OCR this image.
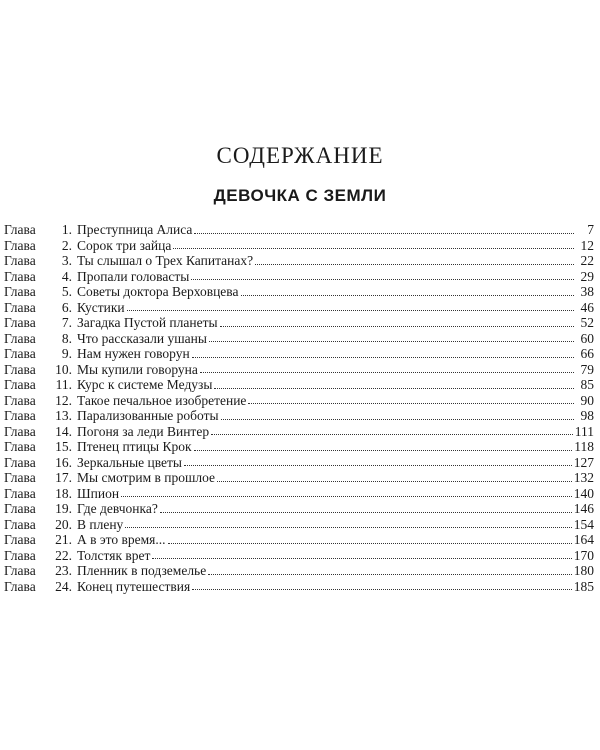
СОДЕРЖАНИЕ
ДЕВОЧКА С ЗЕМЛИ
Глава	1. Преступница Алиса	7
Глава	2. Сорок три зайца	12
Глава	3. Ты слышал о Трех Капитанах?	22
Глава	4. Пропали головасты	29
Глава	5. Советы доктора Верховцева	38
Глава	6. Кустики	46
Глава	7. Загадка Пустой планеты	52
Глава	8. Что рассказали ушаны	60
Глава	9. Нам нужен говорун	66
Глава	10. Мы купили говоруна	79
Глава	11. Курс к системе Медузы	85
Глава	12. Такое печальное изобретение	90
Глава	13. Парализованные роботы	98
Глава	14. Погоня за леди Винтер	111
Глава	15. Птенец птицы Крок	118
Глава	16. Зеркальные цветы	127
Глава	17. Мы смотрим в прошлое	132
Глава	18. Шпион	140
Глава	19. Где девчонка?	146
Глава	20. В плену	154
Глава	21. А в это время...	164
Глава	22. Толстяк врет	170
Глава	23. Пленник в подземелье	180
Глава	24. Конец путешествия	185
